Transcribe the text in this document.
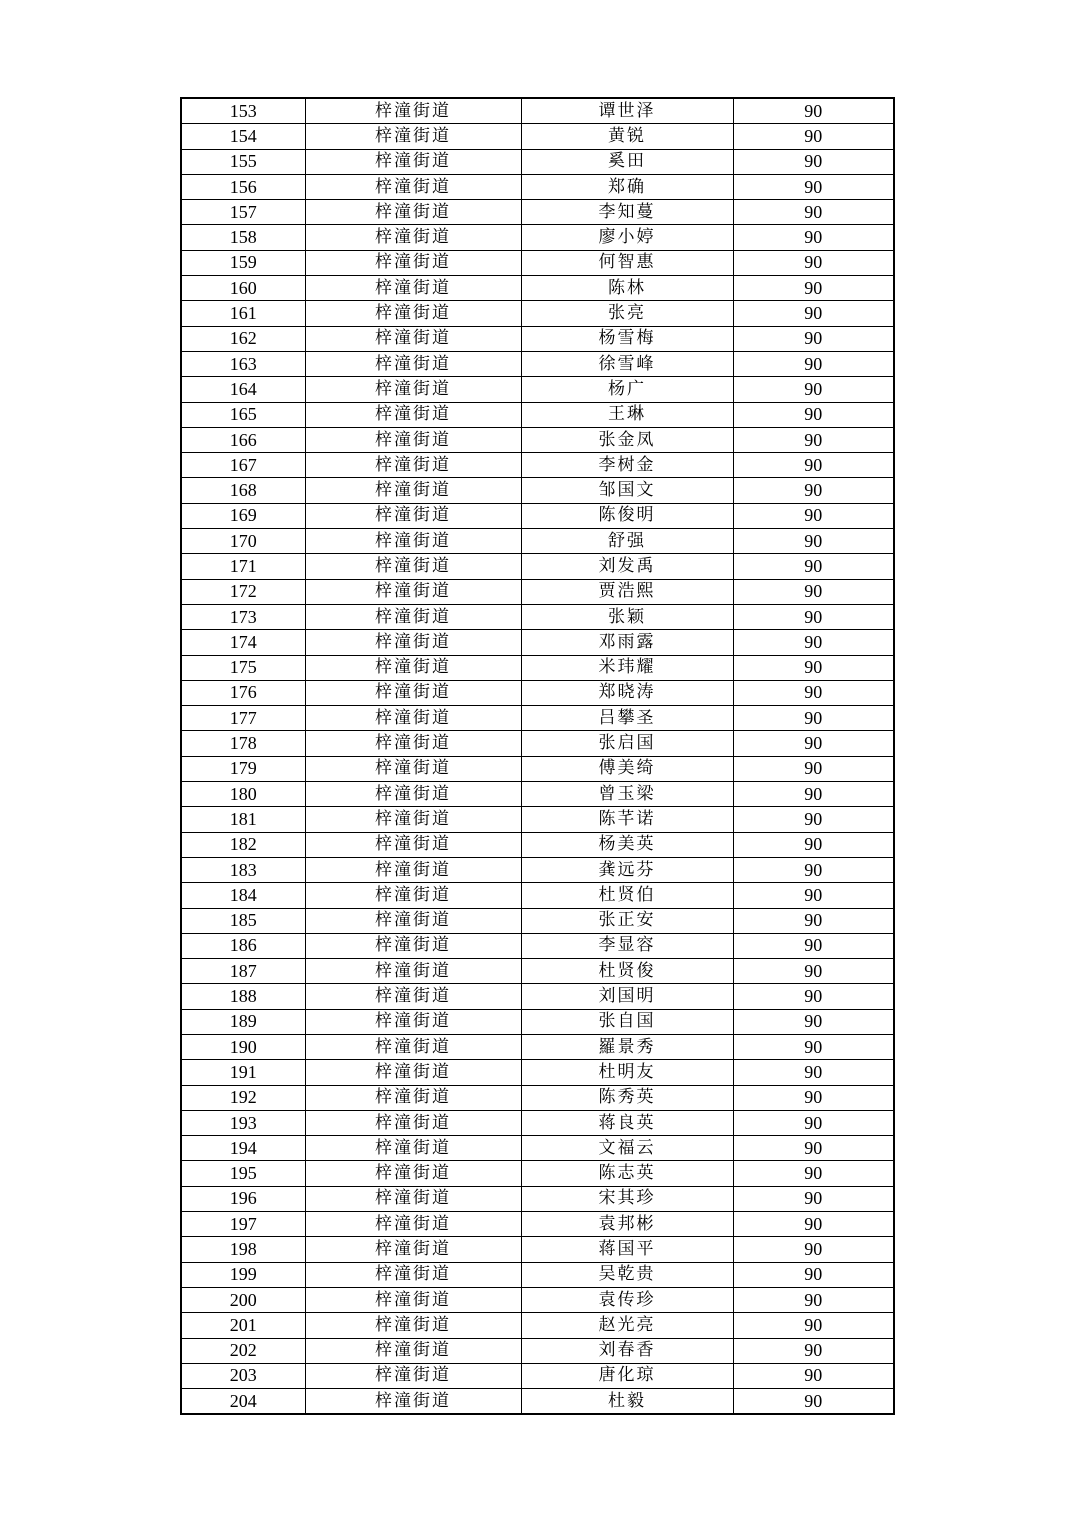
153	梓潼街道	谭世泽	90
154	梓潼街道	黄锐	90
155	梓潼街道	奚田	90
156	梓潼街道	郑确	90
157	梓潼街道	李知蔓	90
158	梓潼街道	廖小婷	90
159	梓潼街道	何智惠	90
160	梓潼街道	陈林	90
161	梓潼街道	张亮	90
162	梓潼街道	杨雪梅	90
163	梓潼街道	徐雪峰	90
164	梓潼街道	杨广	90
165	梓潼街道	王琳	90
166	梓潼街道	张金凤	90
167	梓潼街道	李树金	90
168	梓潼街道	邹国文	90
169	梓潼街道	陈俊明	90
170	梓潼街道	舒强	90
171	梓潼街道	刘发禹	90
172	梓潼街道	贾浩熙	90
173	梓潼街道	张颖	90
174	梓潼街道	邓雨露	90
175	梓潼街道	米玮耀	90
176	梓潼街道	郑晓涛	90
177	梓潼街道	吕攀圣	90
178	梓潼街道	张启国	90
179	梓潼街道	傅美绮	90
180	梓潼街道	曾玉梁	90
181	梓潼街道	陈芊诺	90
182	梓潼街道	杨美英	90
183	梓潼街道	龚远芬	90
184	梓潼街道	杜贤伯	90
185	梓潼街道	张正安	90
186	梓潼街道	李显容	90
187	梓潼街道	杜贤俊	90
188	梓潼街道	刘国明	90
189	梓潼街道	张自国	90
190	梓潼街道	羅景秀	90
191	梓潼街道	杜明友	90
192	梓潼街道	陈秀英	90
193	梓潼街道	蒋良英	90
194	梓潼街道	文福云	90
195	梓潼街道	陈志英	90
196	梓潼街道	宋其珍	90
197	梓潼街道	袁邦彬	90
198	梓潼街道	蒋国平	90
199	梓潼街道	吴乾贵	90
200	梓潼街道	袁传珍	90
201	梓潼街道	赵光亮	90
202	梓潼街道	刘春香	90
203	梓潼街道	唐化琼	90
204	梓潼街道	杜毅	90
